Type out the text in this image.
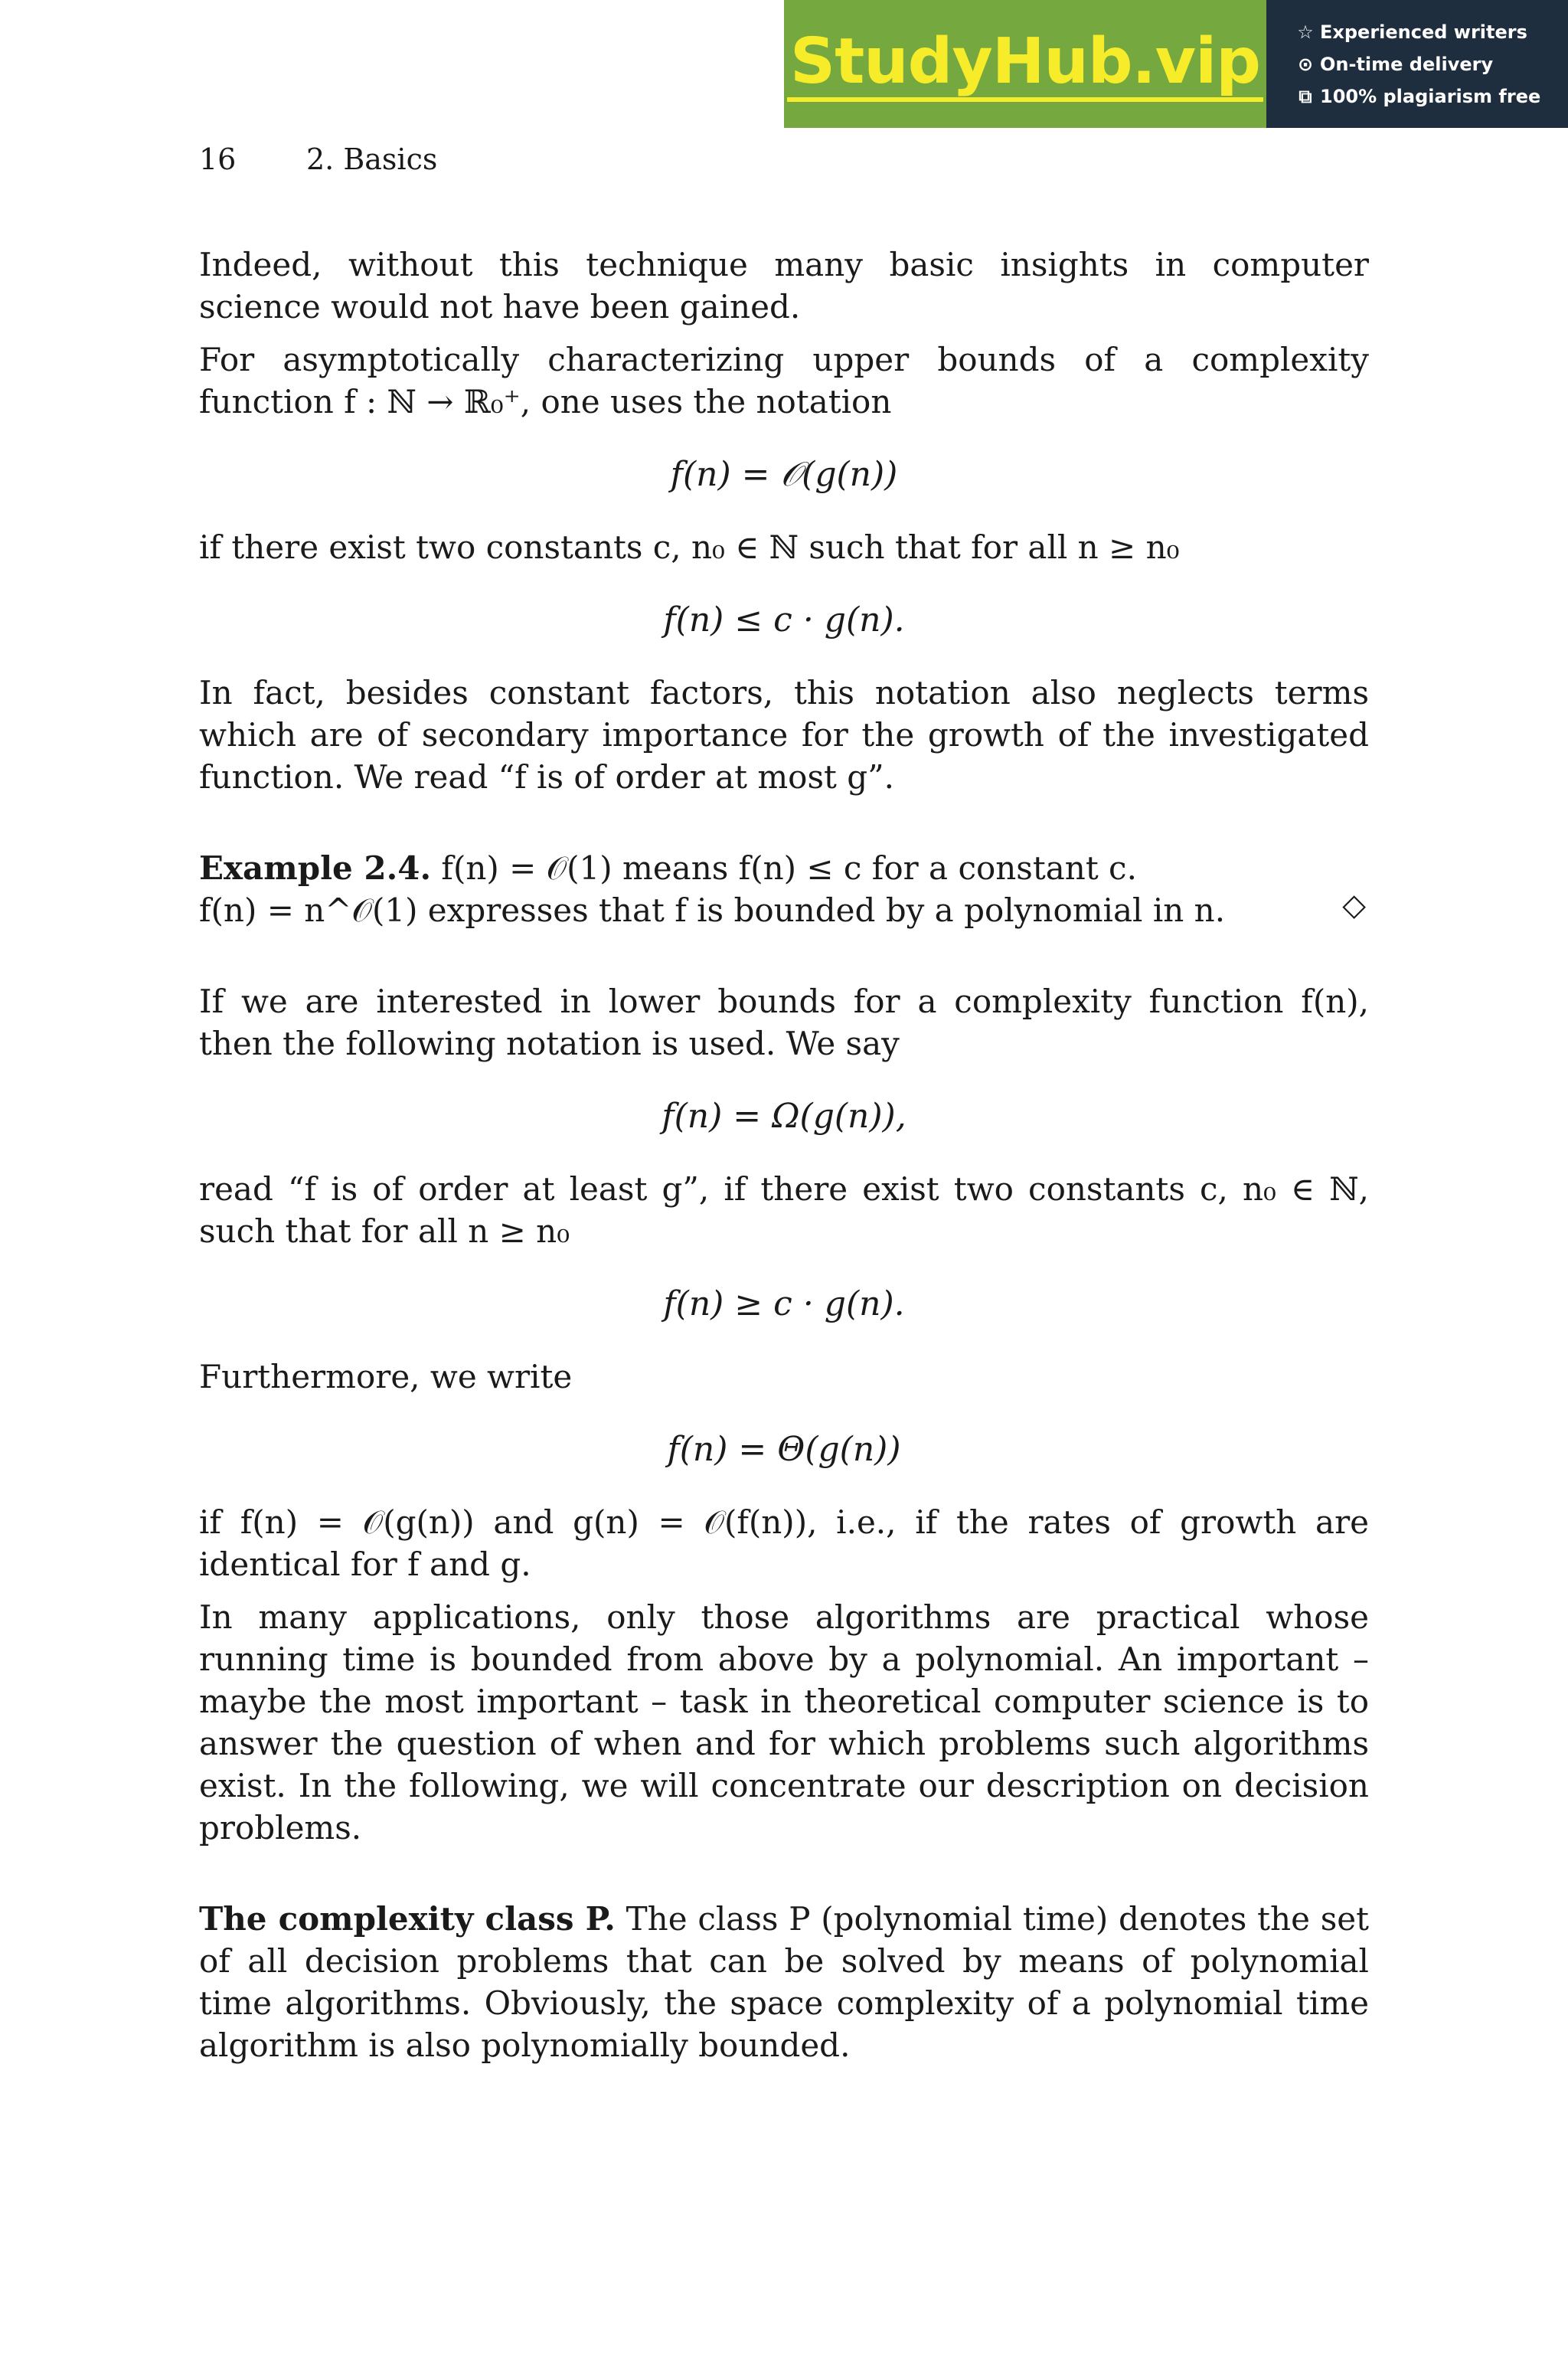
StudyHub.vip ☆ Experienced writers
⊙ On-time delivery
⧉ 100% plagiarism free
16 2. Basics

Indeed, without this technique many basic insights in computer science would not have been gained.

For asymptotically characterizing upper bounds of a complexity function f : ℕ → ℝ₀⁺, one uses the notation

f(n) = 𝒪(g(n))

if there exist two constants c, n₀ ∈ ℕ such that for all n ≥ n₀

f(n) ≤ c · g(n).

In fact, besides constant factors, this notation also neglects terms which are of secondary importance for the growth of the investigated function. We read “f is of order at most g”.

Example 2.4. f(n) = 𝒪(1) means f(n) ≤ c for a constant c.
f(n) = n^𝒪(1) expresses that f is bounded by a polynomial in n.	◇

If we are interested in lower bounds for a complexity function f(n), then the following notation is used. We say

f(n) = Ω(g(n)),

read “f is of order at least g”, if there exist two constants c, n₀ ∈ ℕ, such that for all n ≥ n₀

f(n) ≥ c · g(n).

Furthermore, we write

f(n) = Θ(g(n))

if f(n) = 𝒪(g(n)) and g(n) = 𝒪(f(n)), i.e., if the rates of growth are identical for f and g.

In many applications, only those algorithms are practical whose running time is bounded from above by a polynomial. An important – maybe the most important – task in theoretical computer science is to answer the question of when and for which problems such algorithms exist. In the following, we will concentrate our description on decision problems.

The complexity class P. The class P (polynomial time) denotes the set of all decision problems that can be solved by means of polynomial time algorithms. Obviously, the space complexity of a polynomial time algorithm is also polynomially bounded.
